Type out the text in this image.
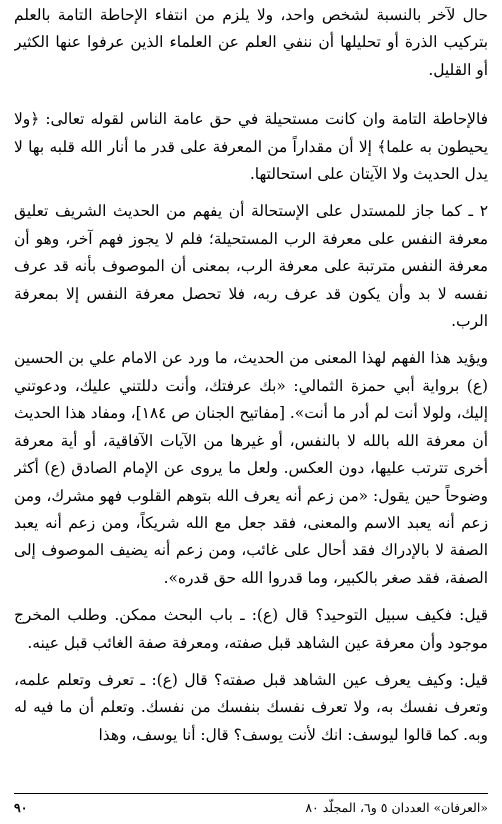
حال لآخر بالنسبة لشخص واحد، ولا يلزم من انتفاء الإحاطة التامة بالعلم بتركيب الذرة أو تحليلها أن ننفي العلم عن العلماء الذين عرفوا عنها الكثير أو القليل.

فالإحاطة التامة وان كانت مستحيلة في حق عامة الناس لقوله تعالى: ﴿ولا يحيطون به علما﴾ إلا أن مقداراً من المعرفة على قدر ما أنار الله قلبه بها لا يدل الحديث ولا الآيتان على استحالتها.

٢ ـ كما جاز للمستدل على الإستحالة أن يفهم من الحديث الشريف تعليق معرفة النفس على معرفة الرب المستحيلة؛ فلم لا يجوز فهم آخر، وهو أن معرفة النفس مترتبة على معرفة الرب، بمعنى أن الموصوف بأنه قد عرف نفسه لا بد وأن يكون قد عرف ربه، فلا تحصل معرفة النفس إلا بمعرفة الرب.

ويؤيد هذا الفهم لهذا المعنى من الحديث، ما ورد عن الامام علي بن الحسين (ع) برواية أبي حمزة الثمالي: «بك عرفتك، وأنت دللتني عليك، ودعوتني إليك، ولولا أنت لم أدر ما أنت». [مفاتيح الجنان ص ١٨٤]، ومفاد هذا الحديث أن معرفة الله بالله لا بالنفس، أو غيرها من الآيات الآفاقية، أو أية معرفة أخرى تترتب عليها، دون العكس. ولعل ما يروى عن الإمام الصادق (ع) أكثر وضوحاً حين يقول: «من زعم أنه يعرف الله بتوهم القلوب فهو مشرك، ومن زعم أنه يعبد الاسم والمعنى، فقد جعل مع الله شريكاً، ومن زعم أنه يعبد الصفة لا بالإدراك فقد أحال على غائب، ومن زعم أنه يضيف الموصوف إلى الصفة، فقد صغر بالكبير، وما قدروا الله حق قدره».

قيل: فكيف سبيل التوحيد؟ قال (ع): ـ باب البحث ممكن. وطلب المخرج موجود وأن معرفة عين الشاهد قبل صفته، ومعرفة صفة الغائب قبل عينه.

قيل: وكيف يعرف عين الشاهد قبل صفته؟ قال (ع): ـ تعرف وتعلم علمه، وتعرف نفسك به، ولا تعرف نفسك بنفسك من نفسك. وتعلم أن ما فيه له وبه. كما قالوا ليوسف: انك لأنت يوسف؟ قال: أنا يوسف، وهذا

«العرفان» العددان ٥ و٦، المجلّد ٨٠
٩٠
